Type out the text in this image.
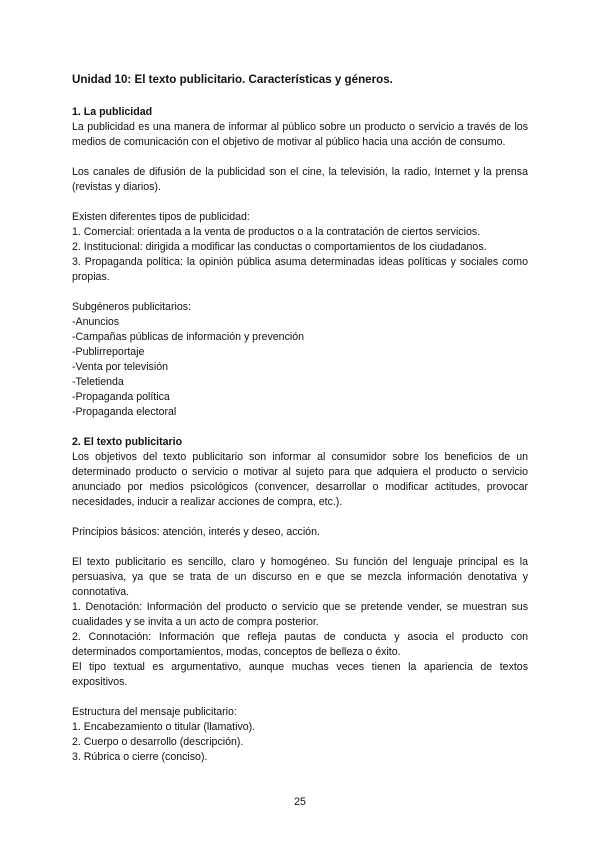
Unidad 10: El texto publicitario. Características y géneros.
1. La publicidad

La publicidad es una manera de informar al público sobre un producto o servicio a través de los medios de comunicación con el objetivo de motivar al público hacia una acción de consumo.

Los canales de difusión de la publicidad son el cine, la televisión, la radio, Internet y la prensa (revistas y diarios).

Existen diferentes tipos de publicidad:

1. Comercial: orientada a la venta de productos o a la contratación de ciertos servicios.

2. Institucional: dirigida a modificar las conductas o comportamientos de los ciudadanos.

3. Propaganda política: la opinión pública asuma determinadas ideas políticas y sociales como propias.

Subgéneros publicitarios:

-Anuncios

-Campañas públicas de información y prevención

-Publirreportaje

-Venta por televisión

-Teletienda

-Propaganda política

-Propaganda electoral

2. El texto publicitario

Los objetivos del texto publicitario son informar al consumidor sobre los beneficios de un determinado producto o servicio o motivar al sujeto para que adquiera el producto o servicio anunciado por medios psicológicos (convencer, desarrollar o modificar actitudes, provocar necesidades, inducir a realizar acciones de compra, etc.).

Principios básicos: atención, interés y deseo, acción.

El texto publicitario es sencillo, claro y homogéneo. Su función del lenguaje principal es la persuasiva, ya que se trata de un discurso en e que se mezcla información denotativa y connotativa.

1. Denotación: Información del producto o servicio que se pretende vender, se muestran sus cualidades y se invita a un acto de compra posterior.

2. Connotación: Información que refleja pautas de conducta y asocia el producto con determinados comportamientos, modas, conceptos de belleza o éxito.

El tipo textual es argumentativo, aunque muchas veces tienen la apariencia de textos expositivos.

Estructura del mensaje publicitario:

1. Encabezamiento o titular (llamativo).

2. Cuerpo o desarrollo (descripción).

3. Rúbrica o cierre (conciso).

25
